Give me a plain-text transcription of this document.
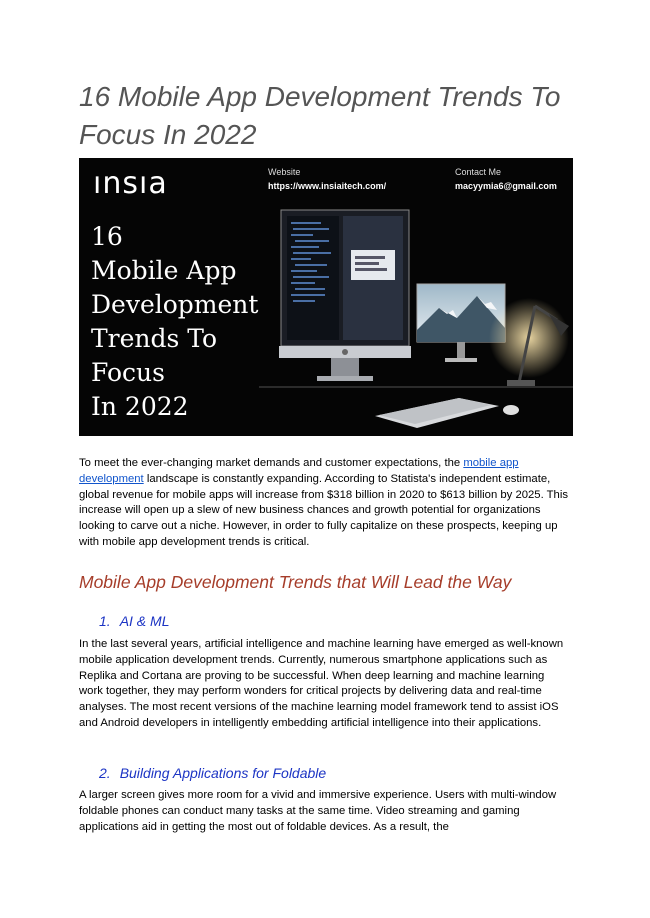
16 Mobile App Development Trends To
Focus In 2022
ınsıa	Website
https://www.insiaitech.com/
Contact Me
macyymia6@gmail.com
16
Mobile App
Development
Trends To
Focus
In 2022

To meet the ever-changing market demands and customer expectations, the mobile app development landscape is constantly expanding. According to Statista's independent estimate, global revenue for mobile apps will increase from $318 billion in 2020 to $613 billion by 2025. This increase will open up a slew of new business chances and growth potential for organizations looking to carve out a niche. However, in order to fully capitalize on these prospects, keeping up with mobile app development trends is critical.

Mobile App Development Trends that Will Lead the Way
1. AI & ML

In the last several years, artificial intelligence and machine learning have emerged as well-known mobile application development trends. Currently, numerous smartphone applications such as Replika and Cortana are proving to be successful. When deep learning and machine learning work together, they may perform wonders for critical projects by delivering data and real-time analyses. The most recent versions of the machine learning model framework tend to assist iOS and Android developers in intelligently embedding artificial intelligence into their applications.

2. Building Applications for Foldable

A larger screen gives more room for a vivid and immersive experience. Users with multi-window foldable phones can conduct many tasks at the same time. Video streaming and gaming applications aid in getting the most out of foldable devices. As a result, the
